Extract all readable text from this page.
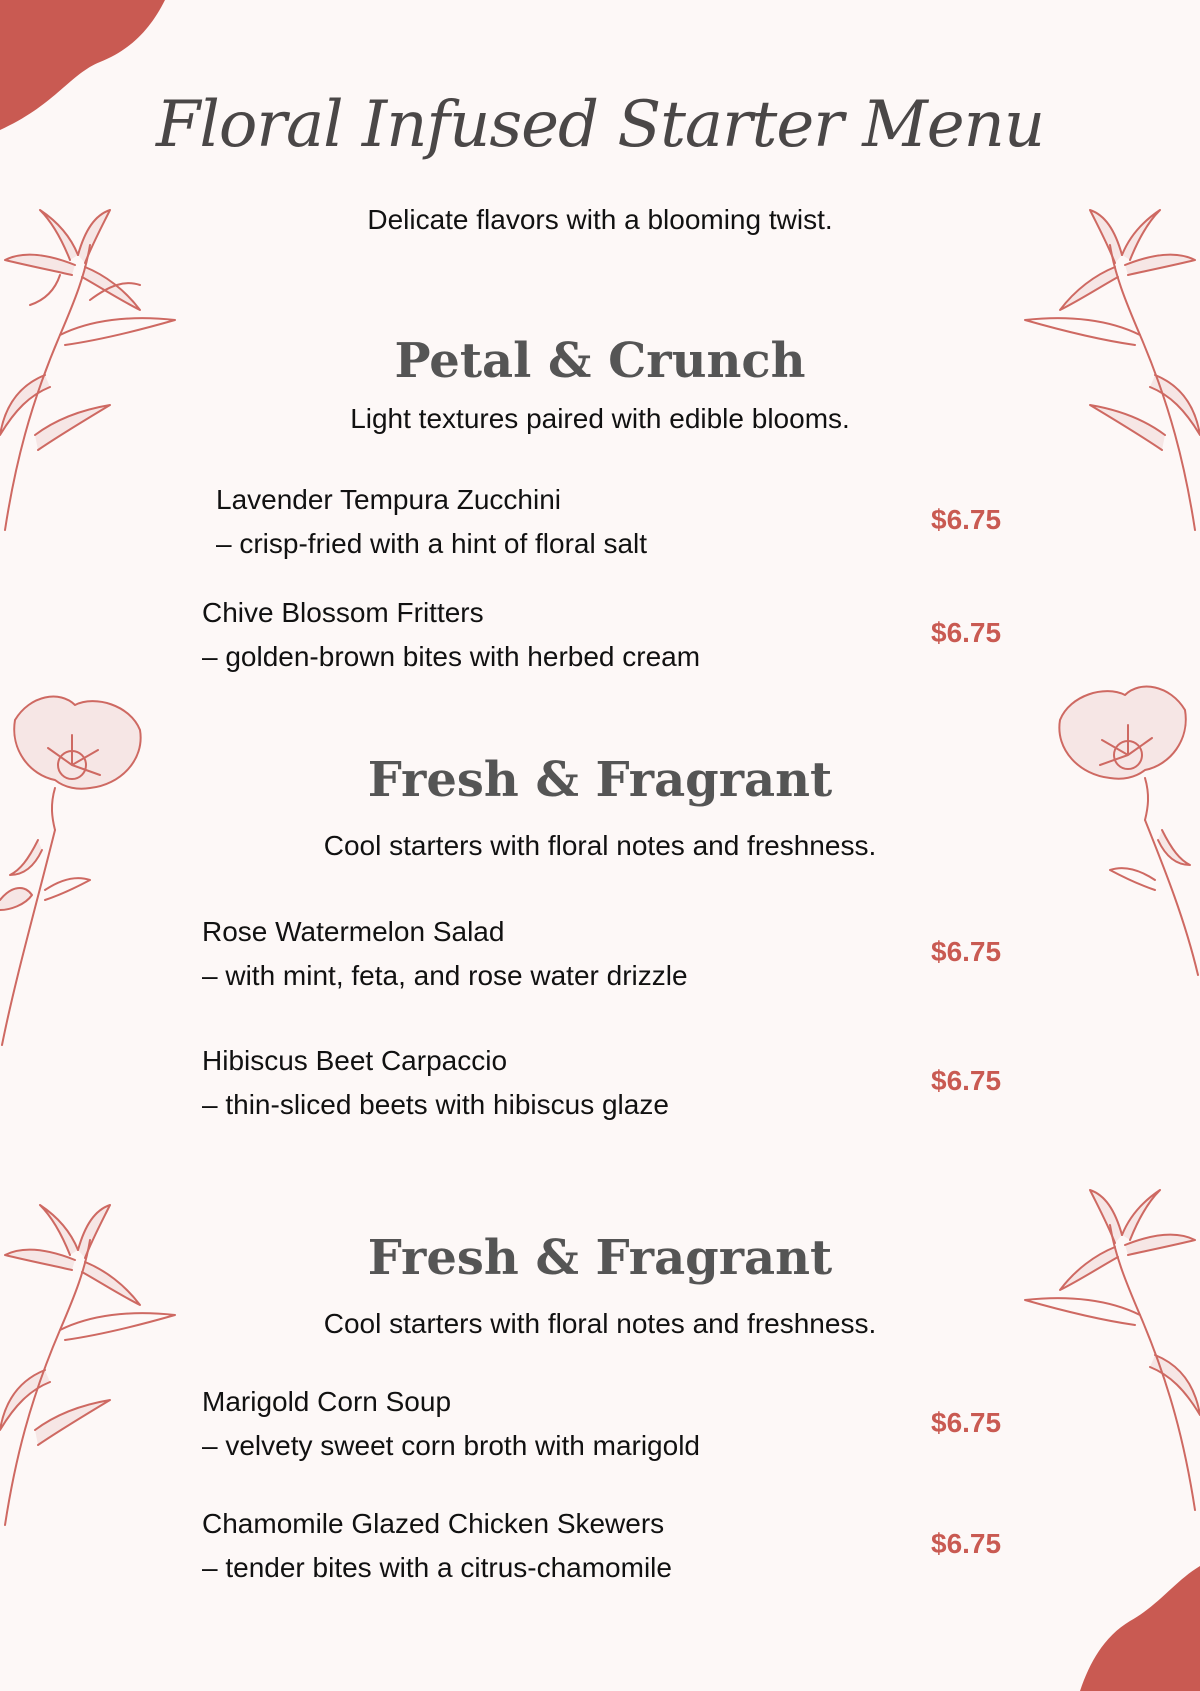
Floral Infused Starter Menu

Delicate flavors with a blooming twist.

Petal & Crunch

Light textures paired with edible blooms.

Lavender Tempura Zucchini
– crisp-fried with a hint of floral salt
$6.75
Chive Blossom Fritters
– golden-brown bites with herbed cream
$6.75
Fresh & Fragrant

Cool starters with floral notes and freshness.

Rose Watermelon Salad
– with mint, feta, and rose water drizzle
$6.75
Hibiscus Beet Carpaccio
– thin-sliced beets with hibiscus glaze
$6.75
Fresh & Fragrant

Cool starters with floral notes and freshness.

Marigold Corn Soup
– velvety sweet corn broth with marigold
$6.75
Chamomile Glazed Chicken Skewers
– tender bites with a citrus-chamomile
$6.75
